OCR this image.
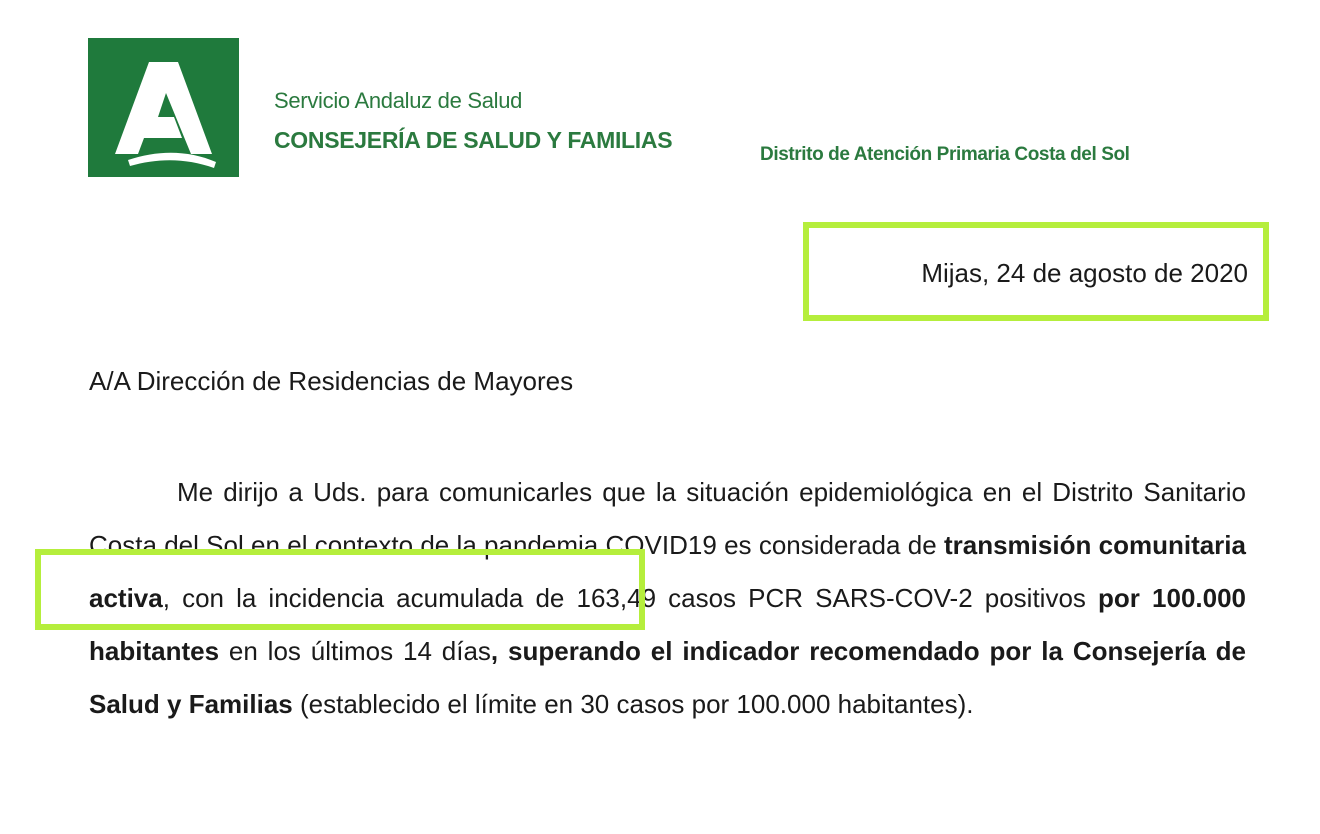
Servicio Andaluz de Salud
CONSEJERÍA DE SALUD Y FAMILIAS
Distrito de Atención Primaria Costa del Sol
Mijas, 24 de agosto de 2020
A/A Dirección de Residencias de Mayores

Me dirijo a Uds. para comunicarles que la situación epidemiológica en el Distrito Sanitario Costa del Sol en el contexto de la pandemia COVID19 es considerada de transmisión comunitaria activa, con la incidencia acumulada de 163,49 casos PCR SARS-COV-2 positivos por 100.000 habitantes en los últimos 14 días, superando el indicador recomendado por la Consejería de Salud y Familias (establecido el límite en 30 casos por 100.000 habitantes).
